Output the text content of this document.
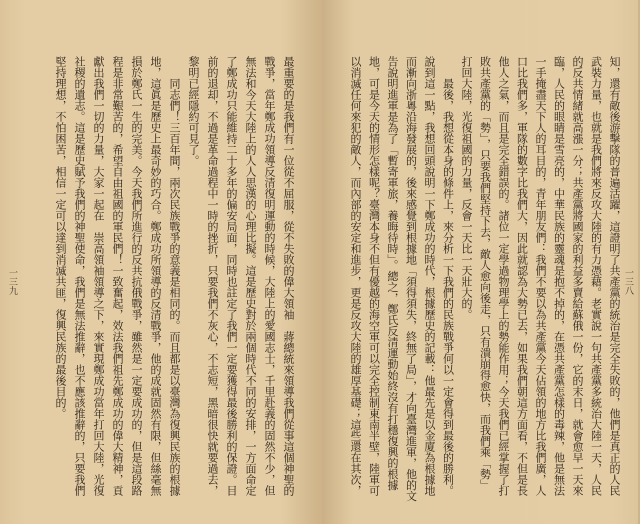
一三九	最重要的是我們有一位從不屈服，從不失敗的偉大領袖　蔣總統來領導我們從事這個神聖的
戰爭，當年鄭成功領導反清復明運動的時候，大陸上的愛國志士，千里赴義的固然不少，但
無法和今天大陸上的人人思漢的心理比擬。這是歷史對於兩個時代不同的安排，一方面命定
了鄭成功只能維持二十多年的偏安局面，同時也註定了我們一定要獲得最後勝利的保證。目
前的退却，不過是革命過程中一時的挫折，只要我們不灰心，不志短，黑暗很快就要過去，
黎明已經隱約可見了。
同志們！三百年間，兩次民族戰爭的意義是相同的。而且都是以臺灣為復興民族的根據
地，這眞是歷史上最奇妙的巧合。鄭成功所領導的反清戰爭，他的成就固然有限，但絲毫無
損於鄭氏一生的完美。今天我們所進行的反共抗俄戰爭，雖然是一定要成功的，但是這段路
程是非常艱苦的，希望自由祖國的軍民們！一致奮起，效法我們祖先鄭成功的偉大精神，貢
獻出我們一切的力量，大家一起在　崇高領袖領導之下，來實現鄭成功當年打回大陸，光復
社稷的遺志。這是歷史賦予我們的神聖使命，我們是無法推辭，也不應該推辭的，只要我們
堅持理想，不怕困苦，相信一定可以達到消滅共匪，復興民族的最後目的。	一三八
知，還有敵後游擊隊的普遍活躍，這證明了共產黨的統治是完全失敗的，他們是真正的人民
武裝力量，也就是我們將來反攻大陸的有力憑藉。老實說一句共產黨多統治大陸一天，人民
的反共情緒就高漲一分；共產黨將國家的利益多賣給蘇俄一份，它的末日，就會愈早一天來
臨，人民的眼睛是雪亮的，中華民族的靈魂是抱不掉的，在憑共產黨怎樣的毒辣，他是無法
一手掩盡天下人的耳目的，青年朋友們：我們不要以為共產黨今天佔領的地方比我們廣，人
口比我們多，軍隊的數字比我們大，因此就認為大勢已去，如果我們朝這方面看，不但是長
他人之氣，而且是完全錯誤的。諸位一定學過物理學上的勢能作用；今天我們已經掌握了打
敗共產黨的「勢」，只要我們堅持下去，敵人愈向後走，只有潰崩得愈快，而我們乘「勢」
打回大陸，光復祖國的力量，反會一天比一天壯大的。
最後，我想從本身的條件上，來分析一下我們的民族戰爭何以一定會得到最後的勝利。
說到這一點，我想回頭說明一下鄭成功的時代，根據歷史的記載：他最先是以金廈為根據地
而漸向浙粵沿海發展的，後來感覺到根據地「須得須失，終無了局」，才向臺灣進軍，他的文
告說明進軍是為了「暫寄軍旅，養晦待時」。總之，鄭氏反清運動始終沒有打穩復興的根據
地，可是今天的情形怎樣呢？臺灣本身不但有優越的海空軍可以完全控制東南半壁，陸軍可
以消滅任何來犯的敵人，而內部的安定和進步，更是反攻大陸的雄厚基礎；這些還在其次，
